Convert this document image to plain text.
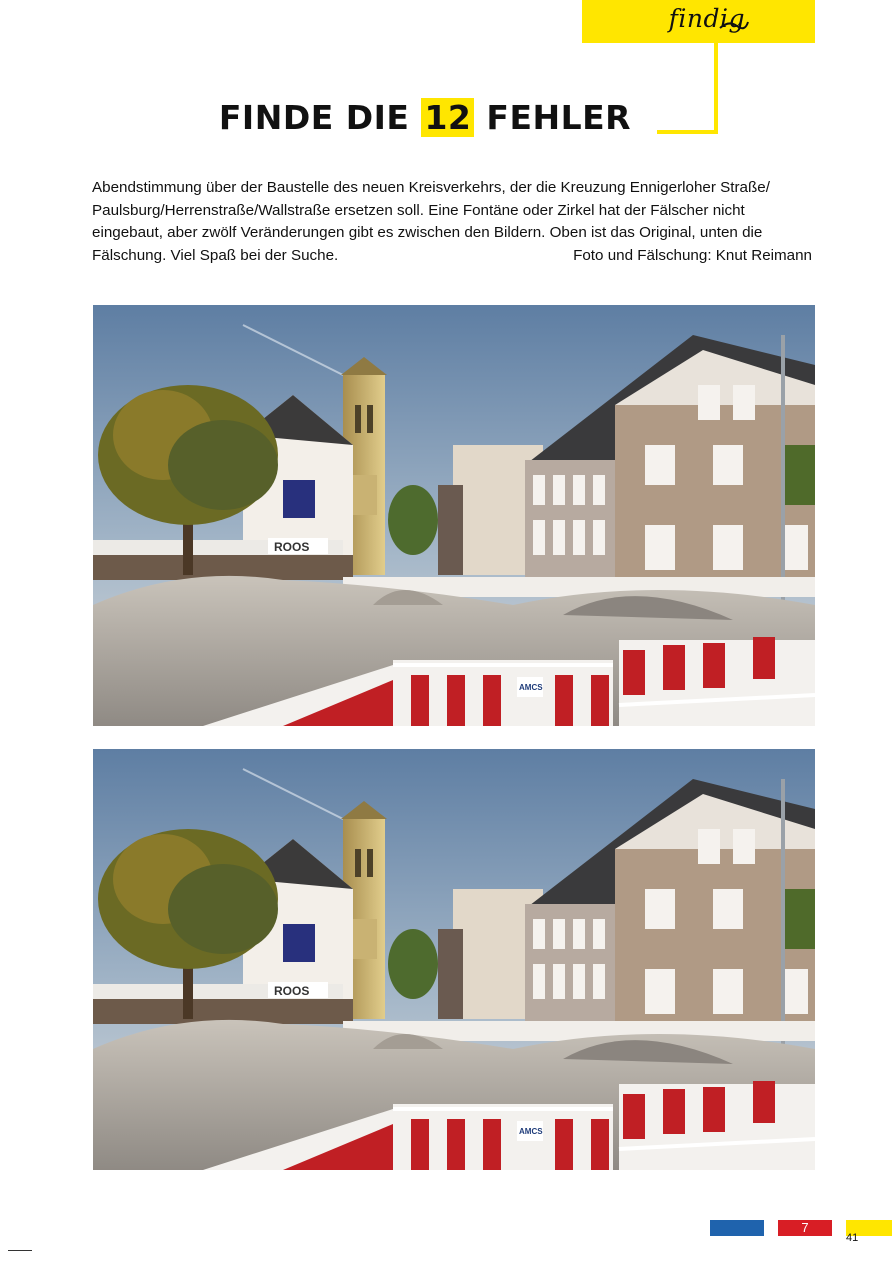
findig
FINDE DIE 12 FEHLER
Abendstimmung über der Baustelle des neuen Kreisverkehrs, der die Kreuzung Ennigerloher Straße/
Paulsburg/Herrenstraße/Wallstraße ersetzen soll. Eine Fontäne oder Zirkel hat der Fälscher nicht
eingebaut, aber zwölf Veränderungen gibt es zwischen den Bildern. Oben ist das Original, unten die
Fälschung. Viel Spaß bei der Suche.	Foto und Fälschung: Knut Reimann
7
41
